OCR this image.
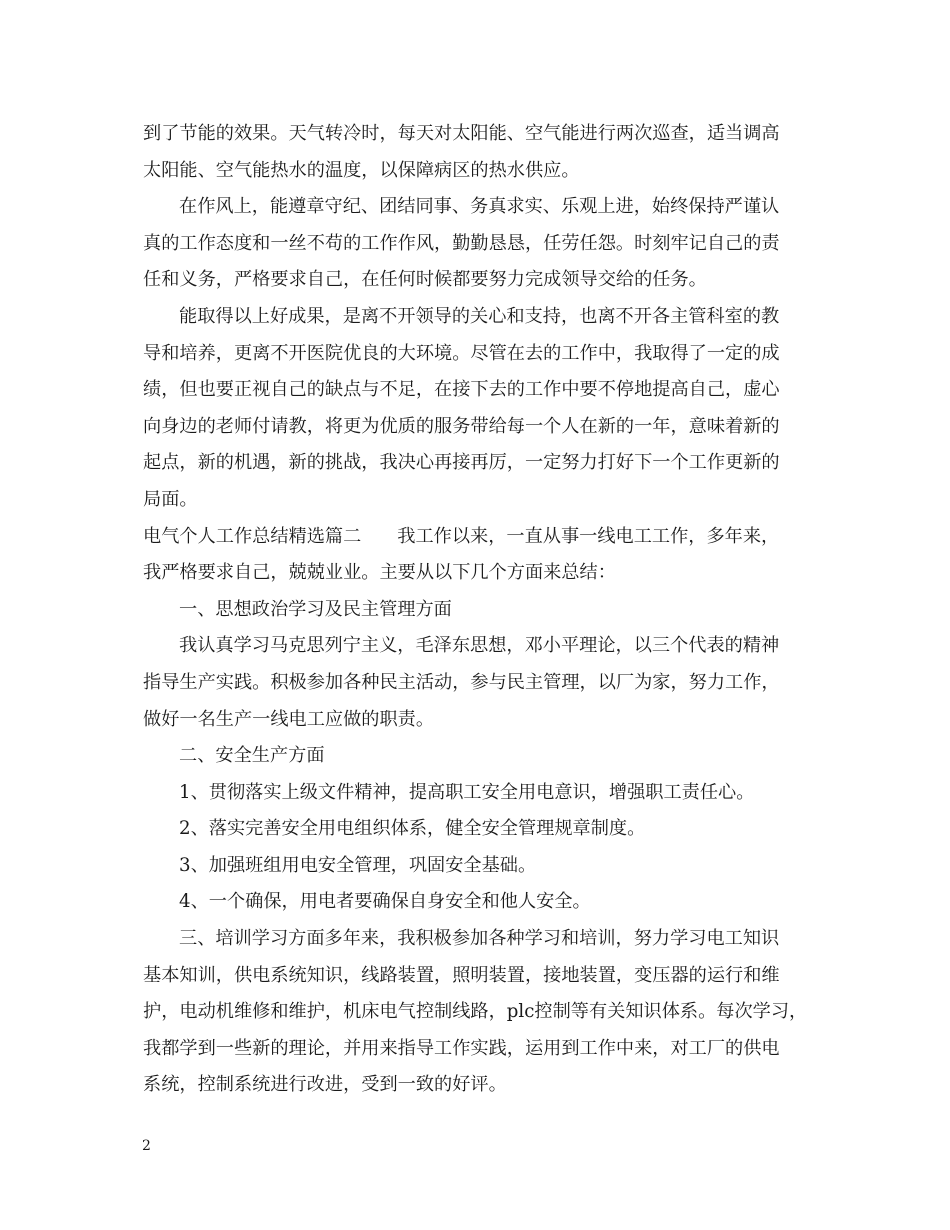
到了节能的效果。天气转冷时，每天对太阳能、空气能进行两次巡查，适当调高
太阳能、空气能热水的温度，以保障病区的热水供应。
在作风上，能遵章守纪、团结同事、务真求实、乐观上进，始终保持严谨认
真的工作态度和一丝不苟的工作作风，勤勤恳恳，任劳任怨。时刻牢记自己的责
任和义务，严格要求自己，在任何时候都要努力完成领导交给的任务。
能取得以上好成果，是离不开领导的关心和支持，也离不开各主管科室的教
导和培养，更离不开医院优良的大环境。尽管在去的工作中，我取得了一定的成
绩，但也要正视自己的缺点与不足，在接下去的工作中要不停地提高自己，虚心
向身边的老师付请教，将更为优质的服务带给每一个人在新的一年，意味着新的
起点，新的机遇，新的挑战，我决心再接再厉，一定努力打好下一个工作更新的
局面。
电气个人工作总结精选篇二 我工作以来，一直从事一线电工工作，多年来，
我严格要求自己，兢兢业业。主要从以下几个方面来总结：
一、思想政治学习及民主管理方面
我认真学习马克思列宁主义，毛泽东思想，邓小平理论，以三个代表的精神
指导生产实践。积极参加各种民主活动，参与民主管理，以厂为家，努力工作，
做好一名生产一线电工应做的职责。
二、安全生产方面
1、贯彻落实上级文件精神，提高职工安全用电意识，增强职工责任心。
2、落实完善安全用电组织体系，健全安全管理规章制度。
3、加强班组用电安全管理，巩固安全基础。
4、一个确保，用电者要确保自身安全和他人安全。
三、培训学习方面多年来，我积极参加各种学习和培训，努力学习电工知识
基本知训，供电系统知识，线路装置，照明装置，接地装置，变压器的运行和维
护，电动机维修和维护，机床电气控制线路，plc控制等有关知识体系。每次学习，
我都学到一些新的理论，并用来指导工作实践，运用到工作中来，对工厂的供电
系统，控制系统进行改进，受到一致的好评。
2
